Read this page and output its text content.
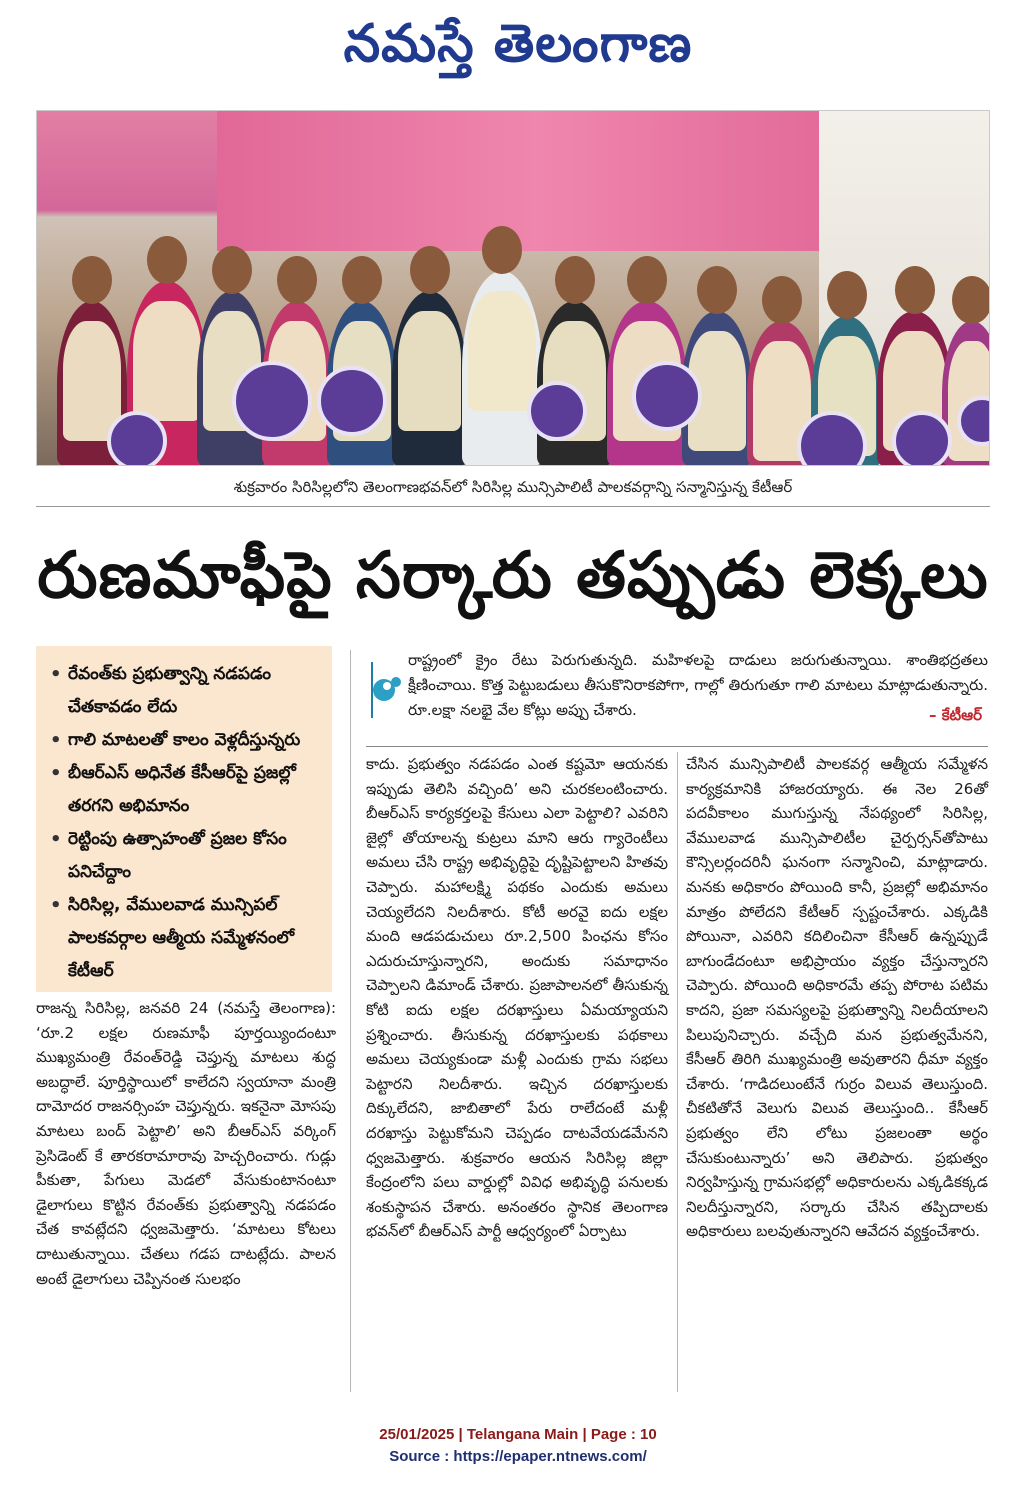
నమస్తే తెలంగాణ
శుక్రవారం సిరిసిల్లలోని తెలంగాణభవన్‌లో సిరిసిల్ల మున్సిపాలిటీ పాలకవర్గాన్ని సన్మానిస్తున్న కేటీఆర్
రుణమాఫీపై సర్కారు తప్పుడు లెక్కలు
• రేవంత్‌కు ప్రభుత్వాన్ని నడపడం చేతకావడం లేదు
• గాలి మాటలతో కాలం వెళ్లదీస్తున్నరు
• బీఆర్‌ఎస్ అధినేత కేసీఆర్‌పై ప్రజల్లో తరగని అభిమానం
• రెట్టింపు ఉత్సాహంతో ప్రజల కోసం పనిచేద్దాం
• సిరిసిల్ల, వేములవాడ మున్సిపల్ పాలకవర్గాల ఆత్మీయ సమ్మేళనంలో కేటీఆర్
రాష్ట్రంలో క్రైం రేటు పెరుగుతున్నది. మహిళలపై దాడులు జరుగుతున్నాయి. శాంతిభద్రతలు క్షీణించాయి. కొత్త పెట్టుబడులు తీసుకొనిరాకపోగా, గాల్లో తిరుగుతూ గాలి మాటలు మాట్లాడుతున్నారు. రూ.లక్షా నలభై వేల కోట్లు అప్పు చేశారు.	– కేటీఆర్
రాజన్న సిరిసిల్ల, జనవరి 24 (నమస్తే తెలంగాణ): ‘రూ.2 లక్షల రుణమాఫీ పూర్తయ్యిందంటూ ముఖ్యమంత్రి రేవంత్‌రెడ్డి చెప్తున్న మాటలు శుద్ధ అబద్ధాలే. పూర్తిస్థాయిలో కాలేదని స్వయానా మంత్రి దామోదర రాజనర్సింహ చెప్తున్నరు. ఇకనైనా మోసపు మాటలు బంద్ పెట్టాలి’ అని బీఆర్‌ఎస్ వర్కింగ్ ప్రెసిడెంట్ కే తారకరామారావు హెచ్చరించారు. గుడ్లు పీకుతా, పేగులు మెడలో వేసుకుంటానంటూ డైలాగులు కొట్టిన రేవంత్‌కు ప్రభుత్వాన్ని నడపడం చేత కావట్లేదని ధ్వజమెత్తారు. ‘మాటలు కోటలు దాటుతున్నాయి. చేతలు గడప దాటట్లేదు. పాలన అంటే డైలాగులు చెప్పినంత సులభం
కాదు. ప్రభుత్వం నడపడం ఎంత కష్టమో ఆయనకు ఇప్పుడు తెలిసి వచ్చింది’ అని చురకలంటించారు. బీఆర్‌ఎస్ కార్యకర్తలపై కేసులు ఎలా పెట్టాలి? ఎవరిని జైల్లో తోయాలన్న కుట్రలు మాని ఆరు గ్యారెంటీలు అమలు చేసి రాష్ట్ర అభివృద్ధిపై దృష్టిపెట్టాలని హితవు చెప్పారు. మహాలక్ష్మి పథకం ఎందుకు అమలు చెయ్యలేదని నిలదీశారు. కోటీ అరవై ఐదు లక్షల మంది ఆడపడుచులు రూ.2,500 పింఛను కోసం ఎదురుచూస్తున్నారని, అందుకు సమాధానం చెప్పాలని డిమాండ్ చేశారు. ప్రజాపాలనలో తీసుకున్న కోటి ఐదు లక్షల దరఖాస్తులు ఏమయ్యాయని ప్రశ్నించారు. తీసుకున్న దరఖాస్తులకు పథకాలు అమలు చెయ్యకుండా మళ్లీ ఎందుకు గ్రామ సభలు పెట్టారని నిలదీశారు. ఇచ్చిన దరఖాస్తులకు దిక్కులేదని, జాబితాలో పేరు రాలేదంటే మళ్లీ దరఖాస్తు పెట్టుకోమని చెప్పడం దాటవేయడమేనని ధ్వజమెత్తారు. శుక్రవారం ఆయన సిరిసిల్ల జిల్లా కేంద్రంలోని పలు వార్డుల్లో వివిధ అభివృద్ధి పనులకు శంకుస్థాపన చేశారు. అనంతరం స్థానిక తెలంగాణ భవన్‌లో బీఆర్‌ఎస్ పార్టీ ఆధ్వర్యంలో ఏర్పాటు
చేసిన మున్సిపాలిటీ పాలకవర్గ ఆత్మీయ సమ్మేళన కార్యక్రమానికి హాజరయ్యారు. ఈ నెల 26తో పదవీకాలం ముగుస్తున్న నేపథ్యంలో సిరిసిల్ల, వేములవాడ మున్సిపాలిటీల చైర్పర్సన్‌తోపాటు కౌన్సిలర్లందరినీ ఘనంగా సన్మానించి, మాట్లాడారు. మనకు అధికారం పోయింది కానీ, ప్రజల్లో అభిమానం మాత్రం పోలేదని కేటీఆర్ స్పష్టంచేశారు. ఎక్కడికి పోయినా, ఎవరిని కదిలించినా కేసీఆర్ ఉన్నప్పుడే బాగుండేదంటూ అభిప్రాయం వ్యక్తం చేస్తున్నారని చెప్పారు. పోయింది అధికారమే తప్ప పోరాట పటిమ కాదని, ప్రజా సమస్యలపై ప్రభుత్వాన్ని నిలదీయాలని పిలుపునిచ్చారు. వచ్చేది మన ప్రభుత్వమేనని, కేసీఆర్ తిరిగి ముఖ్యమంత్రి అవుతారని ధీమా వ్యక్తం చేశారు. ‘గాడిదలుంటేనే గుర్రం విలువ తెలుస్తుంది. చీకటితోనే వెలుగు విలువ తెలుస్తుంది.. కేసీఆర్ ప్రభుత్వం లేని లోటు ప్రజలంతా అర్థం చేసుకుంటున్నారు’ అని తెలిపారు. ప్రభుత్వం నిర్వహిస్తున్న గ్రామసభల్లో అధికారులను ఎక్కడికక్కడ నిలదీస్తున్నారని, సర్కారు చేసిన తప్పిదాలకు అధికారులు బలవుతున్నారని ఆవేదన వ్యక్తంచేశారు.
25/01/2025 | Telangana Main | Page : 10
Source : https://epaper.ntnews.com/
